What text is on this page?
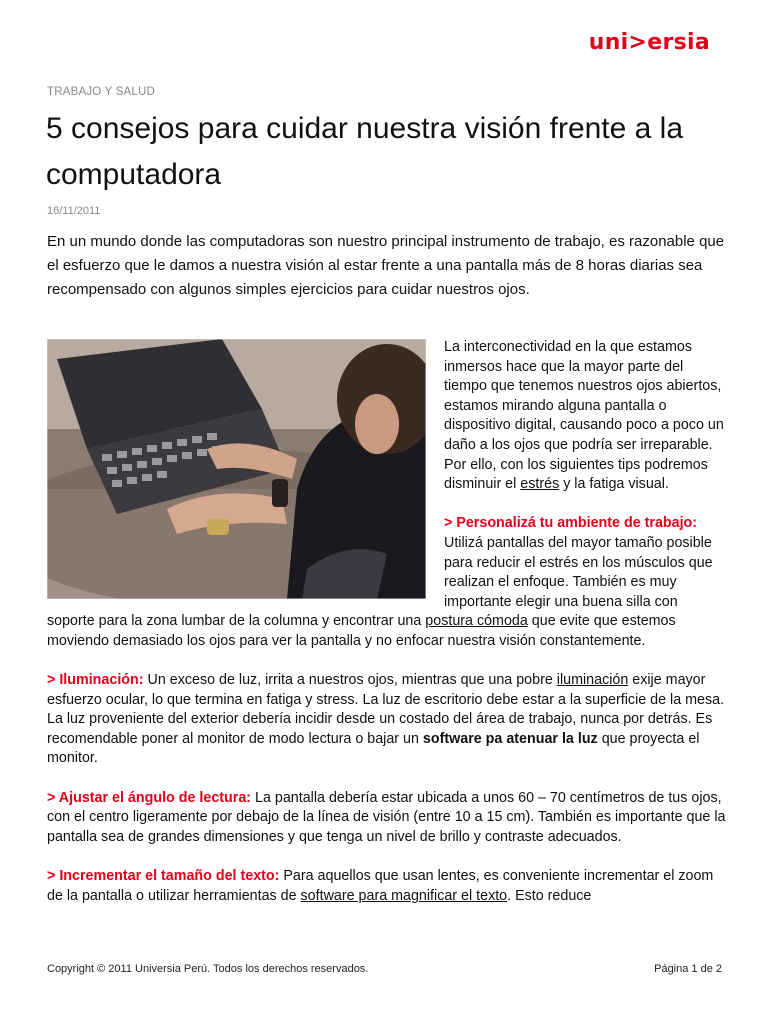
uni>ersia
TRABAJO Y SALUD
5 consejos para cuidar nuestra visión frente a la computadora
16/11/2011

En un mundo donde las computadoras son nuestro principal instrumento de trabajo, es razonable que el esfuerzo que le damos a nuestra visión al estar frente a una pantalla más de 8 horas diarias sea recompensado con algunos simples ejercicios para cuidar nuestros ojos.

La interconectividad en la que estamos inmersos hace que la mayor parte del tiempo que tenemos nuestros ojos abiertos, estamos mirando alguna pantalla o dispositivo digital, causando poco a poco un daño a los ojos que podría ser irreparable. Por ello, con los siguientes tips podremos disminuir el estrés y la fatiga visual.

> Personalizá tu ambiente de trabajo: Utilizá pantallas del mayor tamaño posible para reducir el estrés en los músculos que realizan el enfoque. También es muy importante elegir una buena silla con soporte para la zona lumbar de la columna y encontrar una postura cómoda que evite que estemos moviendo demasiado los ojos para ver la pantalla y no enfocar nuestra visión constantemente.

> Iluminación: Un exceso de luz, irrita a nuestros ojos, mientras que una pobre iluminación exije mayor esfuerzo ocular, lo que termina en fatiga y stress. La luz de escritorio debe estar a la superficie de la mesa. La luz proveniente del exterior debería incidir desde un costado del área de trabajo, nunca por detrás. Es recomendable poner al monitor de modo lectura o bajar un software pa atenuar la luz que proyecta el monitor.

> Ajustar el ángulo de lectura: La pantalla debería estar ubicada a unos 60 – 70 centímetros de tus ojos, con el centro ligeramente por debajo de la línea de visión (entre 10 a 15 cm). También es importante que la pantalla sea de grandes dimensiones y que tenga un nivel de brillo y contraste adecuados.

> Incrementar el tamaño del texto: Para aquellos que usan lentes, es conveniente incrementar el zoom de la pantalla o utilizar herramientas de software para magnificar el texto. Esto reduce

Copyright © 2011 Universia Perú. Todos los derechos reservados.	Página 1 de 2
